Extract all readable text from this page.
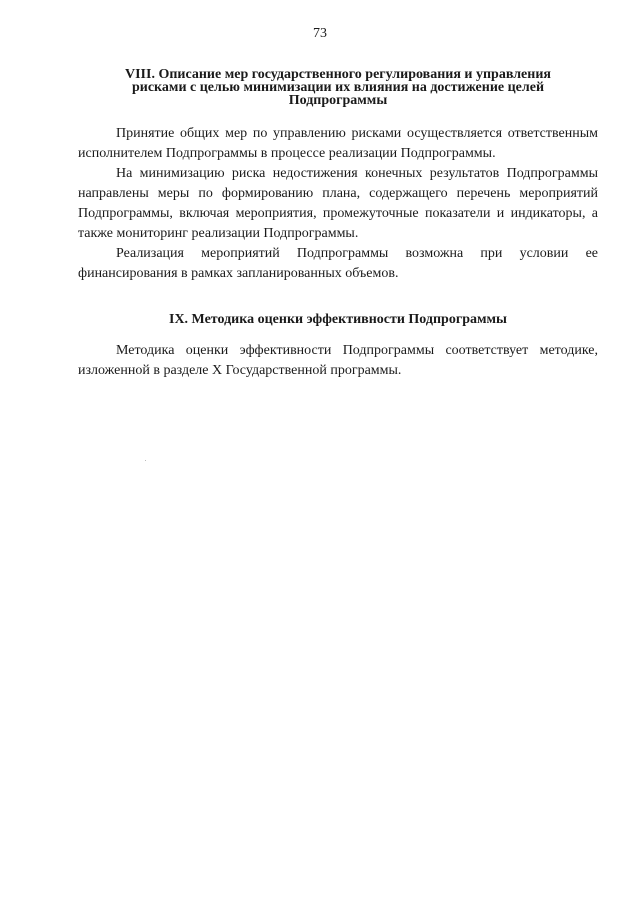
73
VIII. Описание мер государственного регулирования и управления
рисками с целью минимизации их влияния на достижение целей
Подпрограммы

Принятие общих мер по управлению рисками осуществляется ответственным исполнителем Подпрограммы в процессе реализации Подпрограммы.

На минимизацию риска недостижения конечных результатов Подпрограммы направлены меры по формированию плана, содержащего перечень мероприятий Подпрограммы, включая мероприятия, промежуточные показатели и индикаторы, а также мониторинг реализации Подпрограммы.

Реализация мероприятий Подпрограммы возможна при условии ее финансирования в рамках запланированных объемов.

IX. Методика оценки эффективности Подпрограммы

Методика оценки эффективности Подпрограммы соответствует методике, изложенной в разделе Х Государственной программы.
